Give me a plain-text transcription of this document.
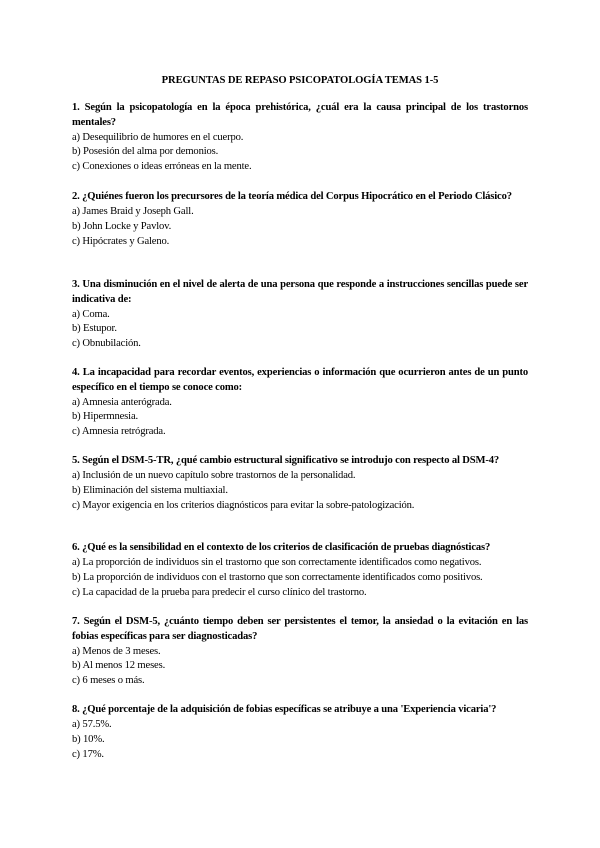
PREGUNTAS DE REPASO PSICOPATOLOGÍA TEMAS 1-5

1. Según la psicopatología en la época prehistórica, ¿cuál era la causa principal de los trastornos mentales?

a) Desequilibrio de humores en el cuerpo.
b) Posesión del alma por demonios.
c) Conexiones o ideas erróneas en la mente.

2. ¿Quiénes fueron los precursores de la teoría médica del Corpus Hipocrático en el Periodo Clásico?

a) James Braid y Joseph Gall.
b) John Locke y Pavlov.
c) Hipócrates y Galeno.

3. Una disminución en el nivel de alerta de una persona que responde a instrucciones sencillas puede ser indicativa de:

a) Coma.
b) Estupor.
c) Obnubilación.

4. La incapacidad para recordar eventos, experiencias o información que ocurrieron antes de un punto específico en el tiempo se conoce como:

a) Amnesia anterógrada.
b) Hipermnesia.
c) Amnesia retrógrada.

5. Según el DSM-5-TR, ¿qué cambio estructural significativo se introdujo con respecto al DSM-4?

a) Inclusión de un nuevo capítulo sobre trastornos de la personalidad.
b) Eliminación del sistema multiaxial.
c) Mayor exigencia en los criterios diagnósticos para evitar la sobre-patologización.

6. ¿Qué es la sensibilidad en el contexto de los criterios de clasificación de pruebas diagnósticas?

a) La proporción de individuos sin el trastorno que son correctamente identificados como negativos.
b) La proporción de individuos con el trastorno que son correctamente identificados como positivos.
c) La capacidad de la prueba para predecir el curso clínico del trastorno.

7. Según el DSM-5, ¿cuánto tiempo deben ser persistentes el temor, la ansiedad o la evitación en las fobias específicas para ser diagnosticadas?

a) Menos de 3 meses.
b) Al menos 12 meses.
c) 6 meses o más.

8. ¿Qué porcentaje de la adquisición de fobias específicas se atribuye a una 'Experiencia vicaria'?

a) 57.5%.
b) 10%.
c) 17%.
